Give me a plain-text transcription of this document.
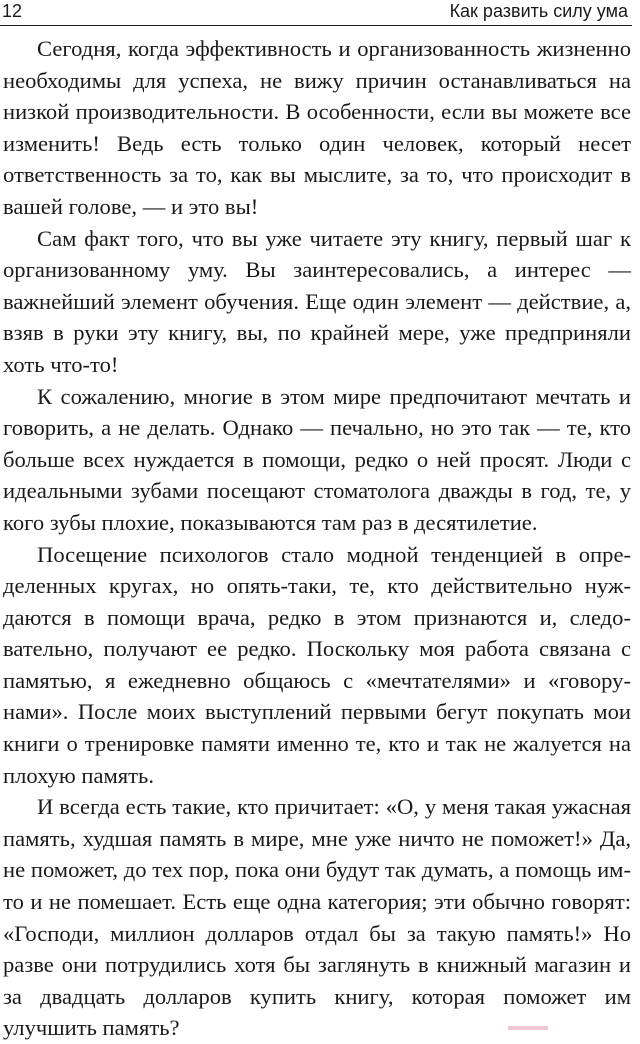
12	Как развить силу ума

Сегодня, когда эффективность и организованность жизненно необходимы для успеха, не вижу причин останавливаться на низкой производительности. В особенности, если вы можете все изменить! Ведь есть только один человек, который несет ответственность за то, как вы мыслите, за то, что происходит в вашей голове, — и это вы!

Сам факт того, что вы уже читаете эту книгу, первый шаг к организованному уму. Вы заинтересовались, а интерес — важнейший элемент обучения. Еще один элемент — действие, а, взяв в руки эту книгу, вы, по крайней мере, уже предприняли хоть что-то!

К сожалению, многие в этом мире предпочитают мечтать и говорить, а не делать. Однако — печально, но это так — те, кто больше всех нуждается в помощи, редко о ней просят. Люди с идеальными зубами посещают стоматолога дважды в год, те, у кого зубы плохие, показываются там раз в десятилетие.

Посещение психологов стало модной тенденцией в определенных кругах, но опять-таки, те, кто действительно нуждаются в помощи врача, редко в этом признаются и, следовательно, получают ее редко. Поскольку моя работа связана с памятью, я ежедневно общаюсь с «мечтателями» и «говорунами». После моих выступлений первыми бегут покупать мои книги о тренировке памяти именно те, кто и так не жалуется на плохую память.

И всегда есть такие, кто причитает: «О, у меня такая ужасная память, худшая память в мире, мне уже ничто не поможет!» Да, не поможет, до тех пор, пока они будут так думать, а помощь им-то и не помешает. Есть еще одна категория; эти обычно говорят: «Господи, миллион долларов отдал бы за такую память!» Но разве они потрудились хотя бы заглянуть в книжный магазин и за двадцать долларов купить книгу, которая поможет им улучшить память?
